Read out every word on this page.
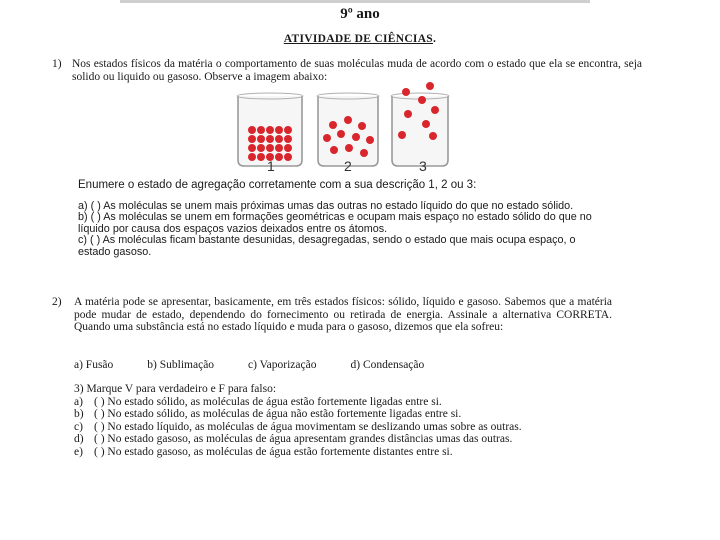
9º ano
ATIVIDADE DE CIÊNCIAS.
1) Nos estados físicos da matéria o comportamento de suas moléculas muda de acordo com o estado que ela se encontra, seja solido ou liquido ou gasoso. Observe a imagem abaixo:
1	2	3
Enumere o estado de agregação corretamente com a sua descrição 1, 2 ou 3:
a) ( ) As moléculas se unem mais próximas umas das outras no estado líquido do que no estado sólido.
b) ( ) As moléculas se unem em formações geométricas e ocupam mais espaço no estado sólido do que no líquido por causa dos espaços vazios deixados entre os átomos.
c) ( ) As moléculas ficam bastante desunidas, desagregadas, sendo o estado que mais ocupa espaço, o estado gasoso.
2) A matéria pode se apresentar, basicamente, em três estados físicos: sólido, líquido e gasoso. Sabemos que a matéria pode mudar de estado, dependendo do fornecimento ou retirada de energia. Assinale a alternativa CORRETA. Quando uma substância está no estado líquido e muda para o gasoso, dizemos que ela sofreu:
a) Fusão	b) Sublimação	c) Vaporização	d) Condensação
3) Marque V para verdadeiro e F para falso:
a) ( ) No estado sólido, as moléculas de água estão fortemente ligadas entre si.
b) ( ) No estado sólido, as moléculas de água não estão fortemente ligadas entre si.
c) ( ) No estado líquido, as moléculas de água movimentam se deslizando umas sobre as outras.
d) ( ) No estado gasoso, as moléculas de água apresentam grandes distâncias umas das outras.
e) ( ) No estado gasoso, as moléculas de água estão fortemente distantes entre si.
